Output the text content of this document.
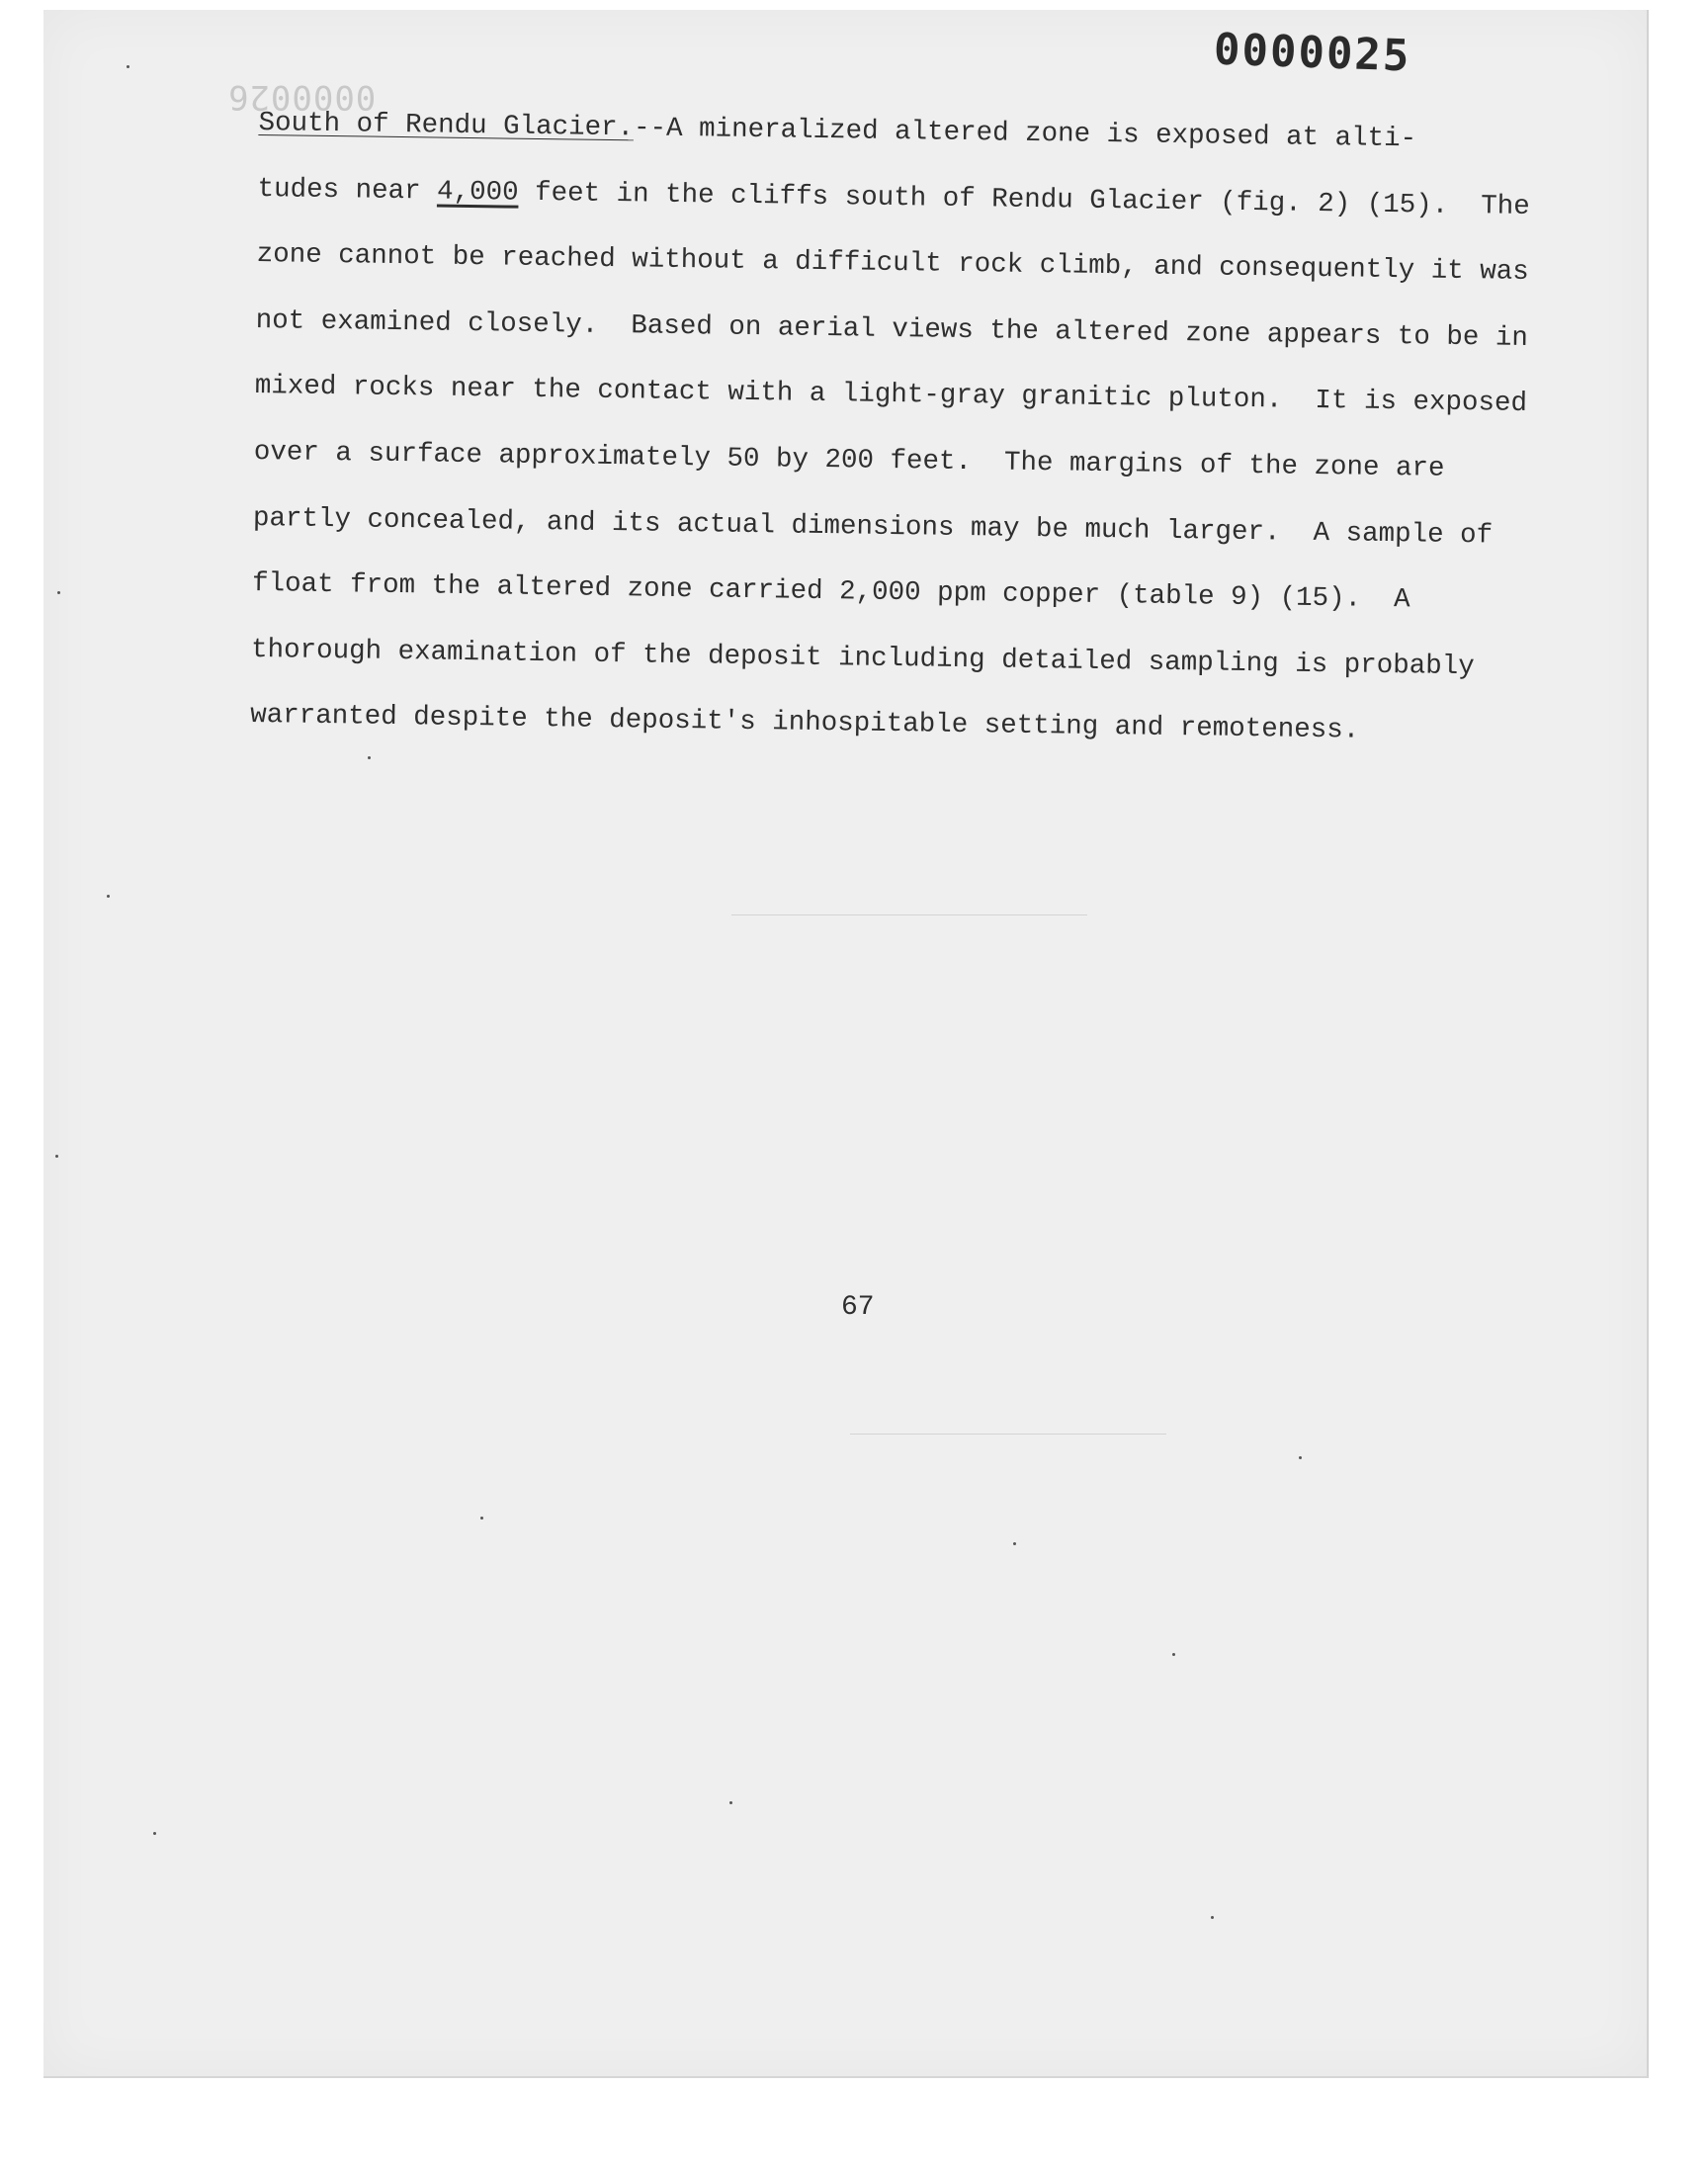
0000026
0000025
South of Rendu Glacier.--A mineralized altered zone is exposed at alti-
tudes near 4,000 feet in the cliffs south of Rendu Glacier (fig. 2) (15).  The
zone cannot be reached without a difficult rock climb, and consequently it was
not examined closely.  Based on aerial views the altered zone appears to be in
mixed rocks near the contact with a light-gray granitic pluton.  It is exposed
over a surface approximately 50 by 200 feet.  The margins of the zone are
partly concealed, and its actual dimensions may be much larger.  A sample of
float from the altered zone carried 2,000 ppm copper (table 9) (15).  A
thorough examination of the deposit including detailed sampling is probably
warranted despite the deposit's inhospitable setting and remoteness.
67
